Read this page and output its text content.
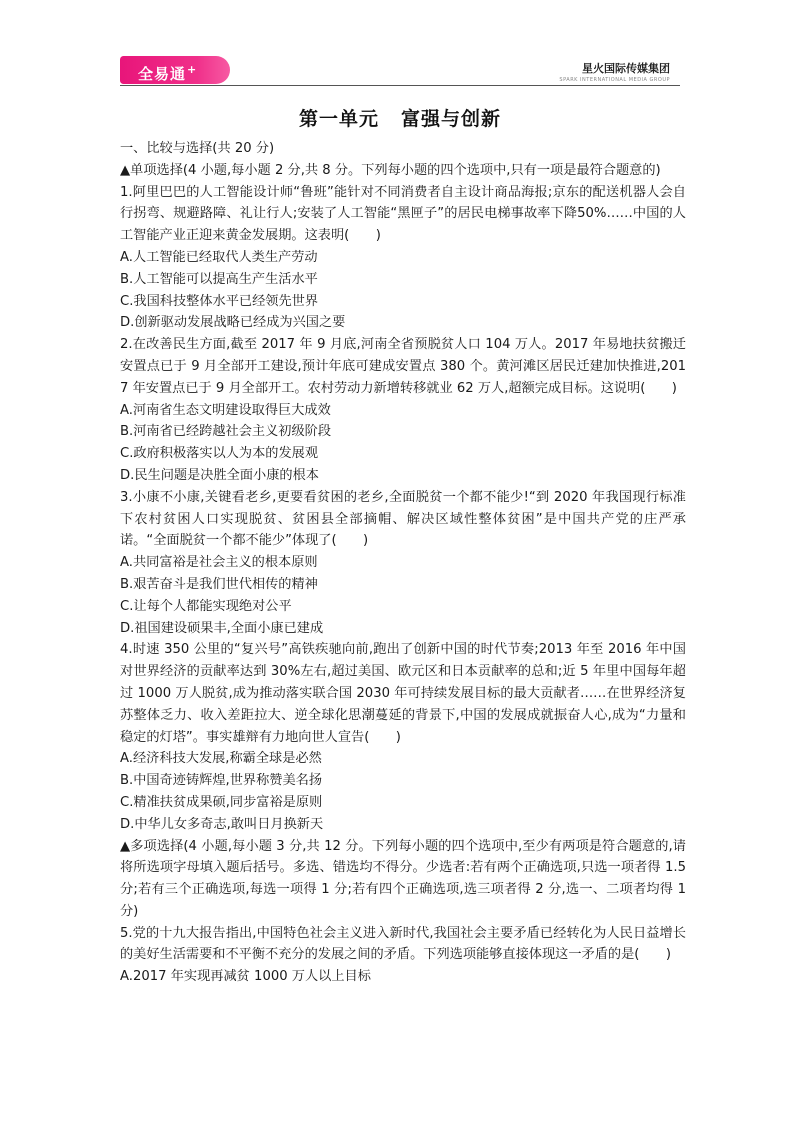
全易通+	星火国际传媒集团
SPARK INTERNATIONAL MEDIA GROUP
第一单元 富强与创新

一、比较与选择(共 20 分)

▲单项选择(4 小题,每小题 2 分,共 8 分。下列每小题的四个选项中,只有一项是最符合题意的)

1.阿里巴巴的人工智能设计师“鲁班”能针对不同消费者自主设计商品海报;京东的配送机器人会自行拐弯、规避路障、礼让行人;安装了人工智能“黑匣子”的居民电梯事故率下降50%……中国的人工智能产业正迎来黄金发展期。这表明(　　)

A.人工智能已经取代人类生产劳动

B.人工智能可以提高生产生活水平

C.我国科技整体水平已经领先世界

D.创新驱动发展战略已经成为兴国之要

2.在改善民生方面,截至 2017 年 9 月底,河南全省预脱贫人口 104 万人。2017 年易地扶贫搬迁安置点已于 9 月全部开工建设,预计年底可建成安置点 380 个。黄河滩区居民迁建加快推进,2017 年安置点已于 9 月全部开工。农村劳动力新增转移就业 62 万人,超额完成目标。这说明(　　)

A.河南省生态文明建设取得巨大成效

B.河南省已经跨越社会主义初级阶段

C.政府积极落实以人为本的发展观

D.民生问题是决胜全面小康的根本

3.小康不小康,关键看老乡,更要看贫困的老乡,全面脱贫一个都不能少!“到 2020 年我国现行标准下农村贫困人口实现脱贫、贫困县全部摘帽、解决区域性整体贫困”是中国共产党的庄严承诺。“全面脱贫一个都不能少”体现了(　　)

A.共同富裕是社会主义的根本原则

B.艰苦奋斗是我们世代相传的精神

C.让每个人都能实现绝对公平

D.祖国建设硕果丰,全面小康已建成

4.时速 350 公里的“复兴号”高铁疾驰向前,跑出了创新中国的时代节奏;2013 年至 2016 年中国对世界经济的贡献率达到 30%左右,超过美国、欧元区和日本贡献率的总和;近 5 年里中国每年超过 1000 万人脱贫,成为推动落实联合国 2030 年可持续发展目标的最大贡献者……在世界经济复苏整体乏力、收入差距拉大、逆全球化思潮蔓延的背景下,中国的发展成就振奋人心,成为“力量和稳定的灯塔”。事实雄辩有力地向世人宣告(　　)

A.经济科技大发展,称霸全球是必然

B.中国奇迹铸辉煌,世界称赞美名扬

C.精准扶贫成果硕,同步富裕是原则

D.中华儿女多奇志,敢叫日月换新天

▲多项选择(4 小题,每小题 3 分,共 12 分。下列每小题的四个选项中,至少有两项是符合题意的,请将所选项字母填入题后括号。多选、错选均不得分。少选者:若有两个正确选项,只选一项者得 1.5 分;若有三个正确选项,每选一项得 1 分;若有四个正确选项,选三项者得 2 分,选一、二项者均得 1 分)

5.党的十九大报告指出,中国特色社会主义进入新时代,我国社会主要矛盾已经转化为人民日益增长的美好生活需要和不平衡不充分的发展之间的矛盾。下列选项能够直接体现这一矛盾的是(　　)

A.2017 年实现再减贫 1000 万人以上目标
